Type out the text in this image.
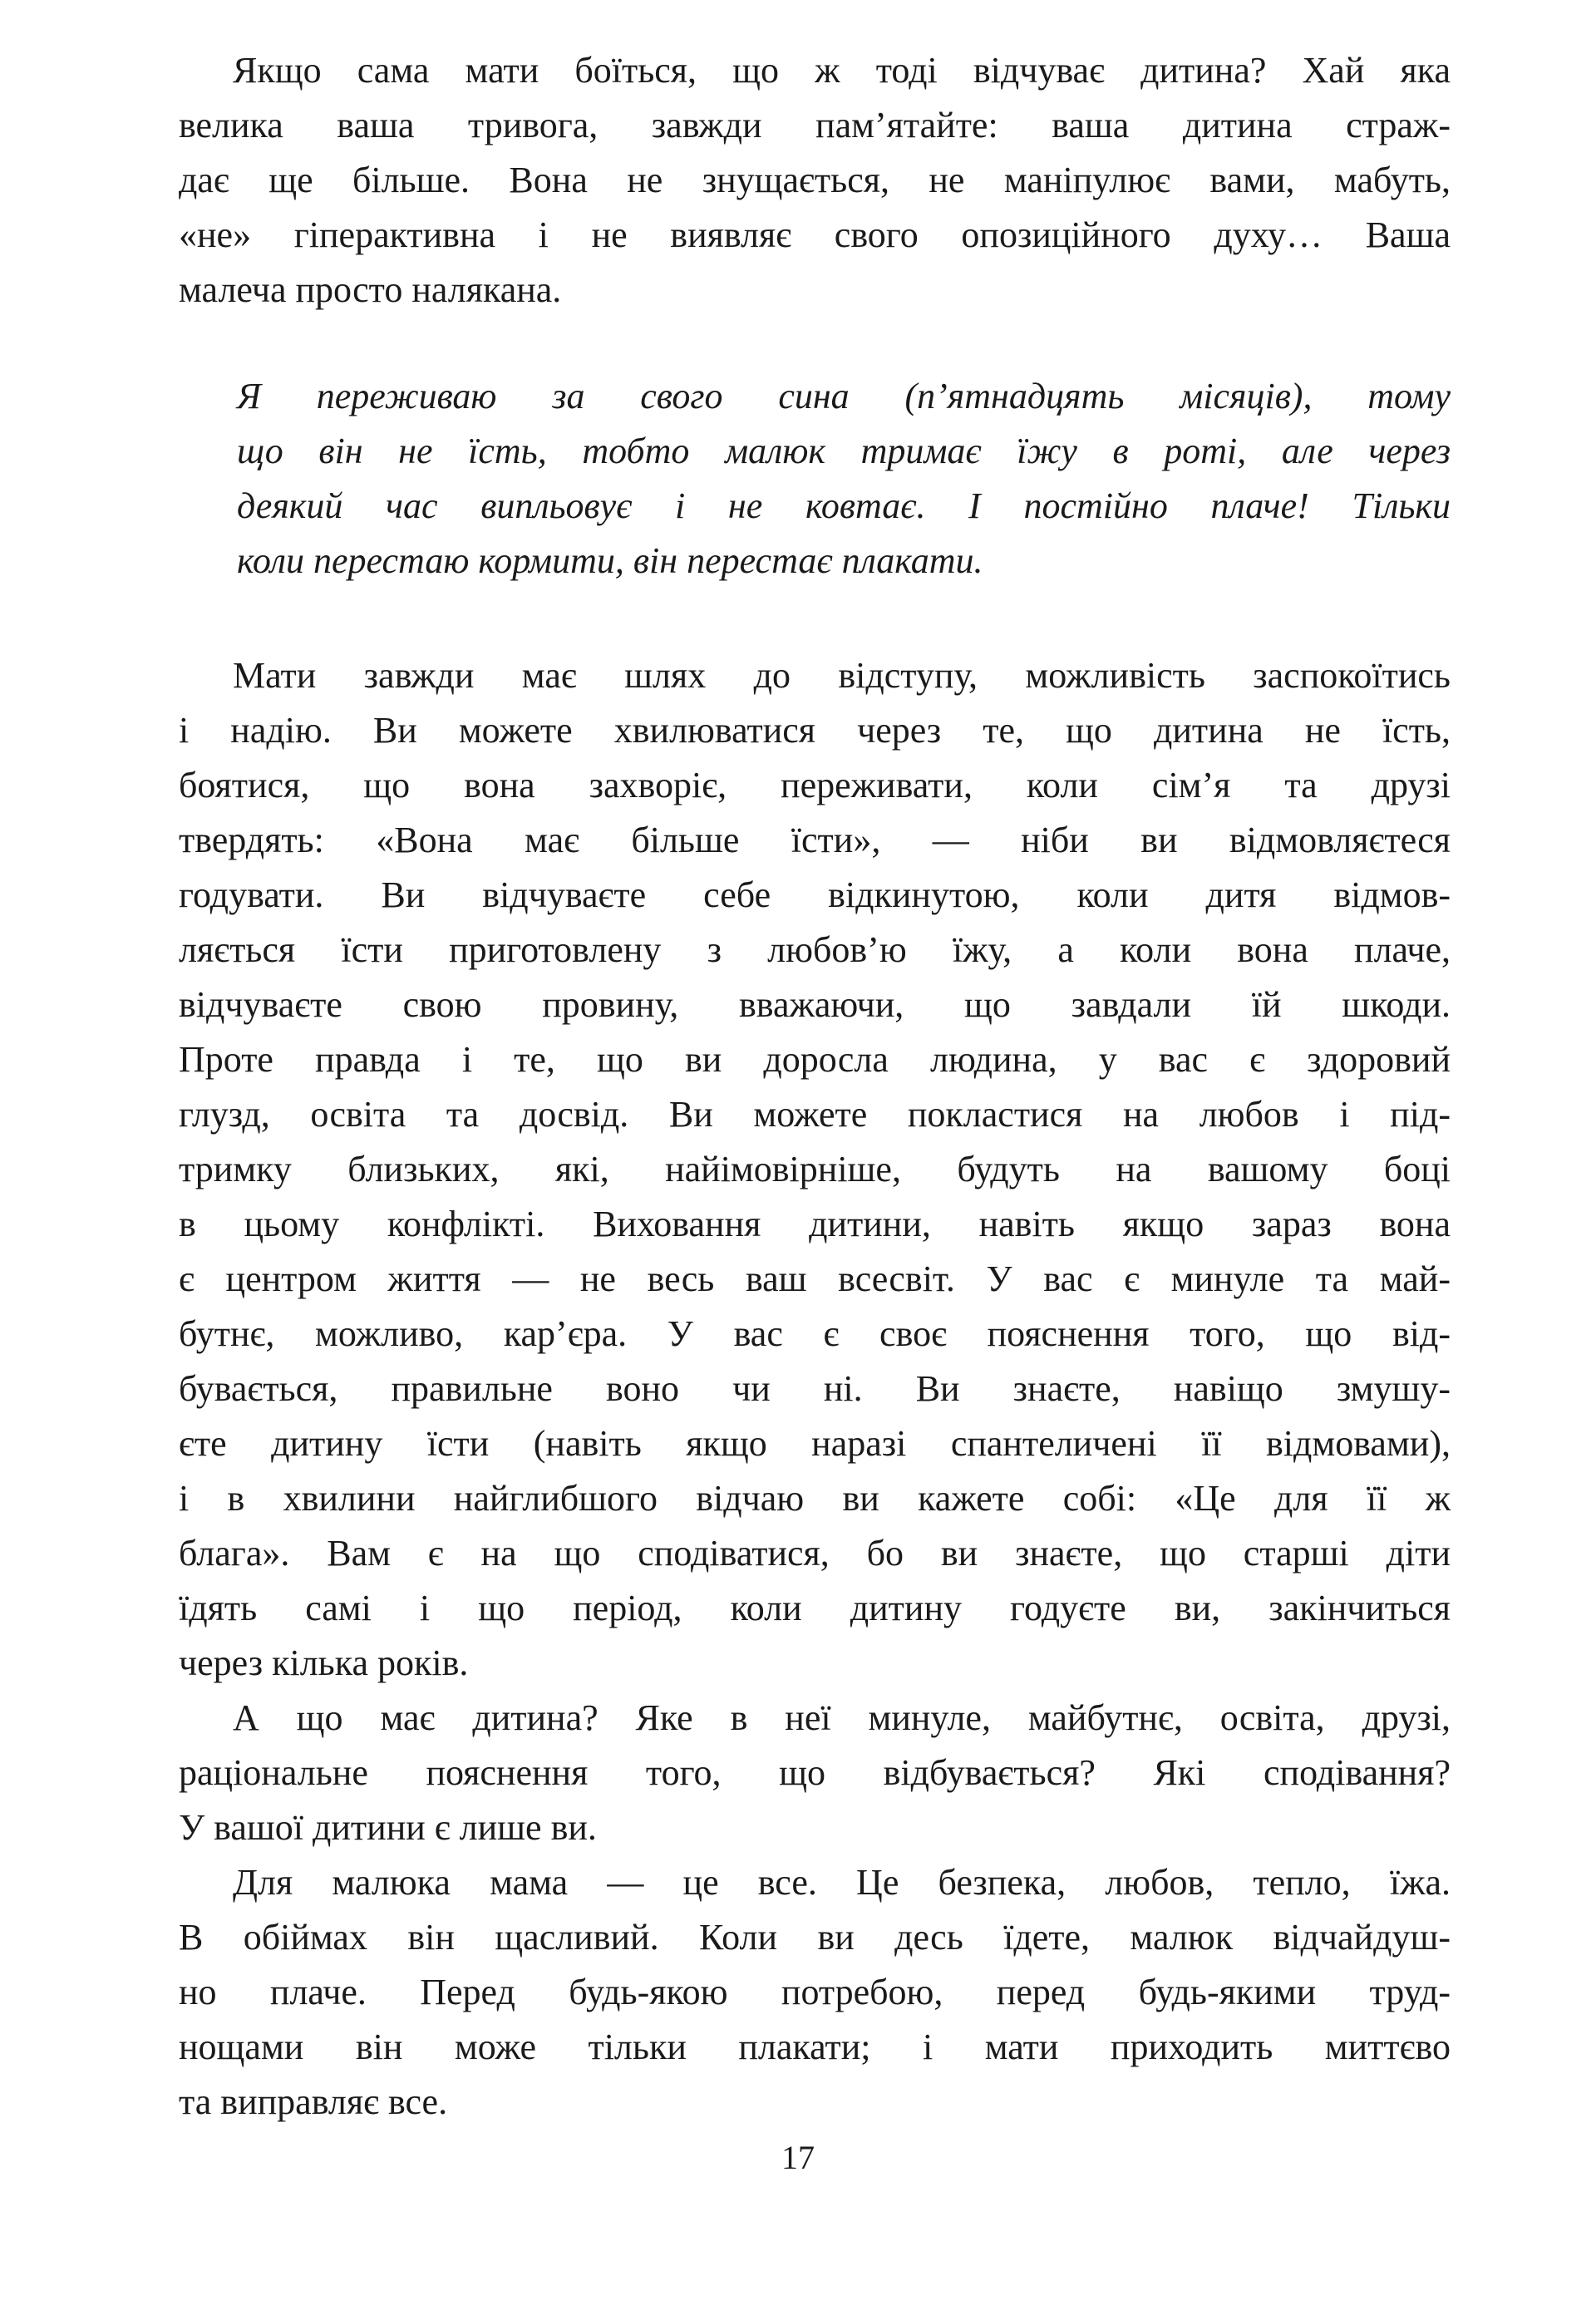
Якщо сама мати боїться, що ж тоді відчуває дитина? Хай яка
велика ваша тривога, завжди пам’ятайте: ваша дитина страж-
дає ще більше. Вона не знущається, не маніпулює вами, мабуть,
«не» гіперактивна і не виявляє свого опозиційного духу… Ваша
малеча просто налякана.
Я переживаю за свого сина (п’ятнадцять місяців), тому
що він не їсть, тобто малюк тримає їжу в роті, але через
деякий час випльовує і не ковтає. І постійно плаче! Тільки
коли перестаю кормити, він перестає плакати.
Мати завжди має шлях до відступу, можливість заспокоїтись
і надію. Ви можете хвилюватися через те, що дитина не їсть,
боятися, що вона захворіє, переживати, коли сім’я та друзі
твердять: «Вона має більше їсти», — ніби ви відмовляєтеся
годувати. Ви відчуваєте себе відкинутою, коли дитя відмов-
ляється їсти приготовлену з любов’ю їжу, а коли вона плаче,
відчуваєте свою провину, вважаючи, що завдали їй шкоди.
Проте правда і те, що ви доросла людина, у вас є здоровий
глузд, освіта та досвід. Ви можете покластися на любов і під-
тримку близьких, які, найімовірніше, будуть на вашому боці
в цьому конфлікті. Виховання дитини, навіть якщо зараз вона
є центром життя — не весь ваш всесвіт. У вас є минуле та май-
бутнє, можливо, кар’єра. У вас є своє пояснення того, що від-
бувається, правильне воно чи ні. Ви знаєте, навіщо змушу-
єте дитину їсти (навіть якщо наразі спантеличені її відмовами),
і в хвилини найглибшого відчаю ви кажете собі: «Це для її ж
блага». Вам є на що сподіватися, бо ви знаєте, що старші діти
їдять самі і що період, коли дитину годуєте ви, закінчиться
через кілька років.
А що має дитина? Яке в неї минуле, майбутнє, освіта, друзі,
раціональне пояснення того, що відбувається? Які сподівання?
У вашої дитини є лише ви.
Для малюка мама — це все. Це безпека, любов, тепло, їжа.
В обіймах він щасливий. Коли ви десь їдете, малюк відчайдуш-
но плаче. Перед будь-якою потребою, перед будь-якими труд-
нощами він може тільки плакати; і мати приходить миттєво
та виправляє все.
17
